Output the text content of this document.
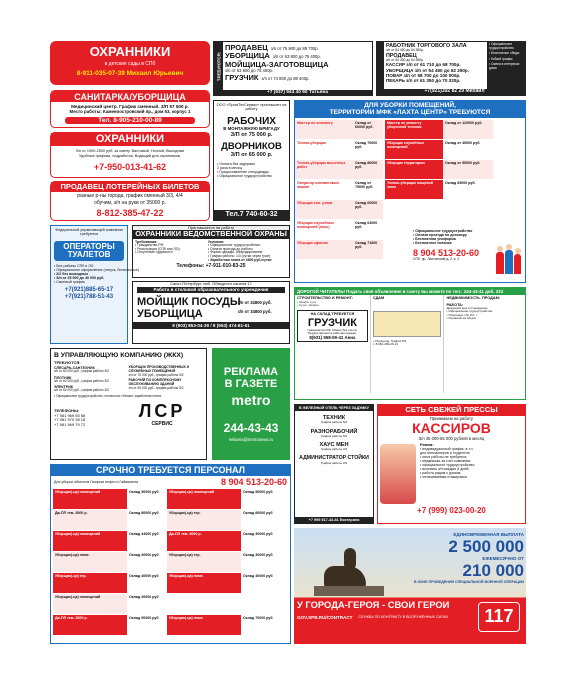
ОХРАННИКИ
в детские сады в СПб
8-911-035-07-39 Михаил Юрьевич
САНИТАРКА/УБОРЩИЦА
Медицинский центр. График сменный. З/П 57 500 р.
Место работы: Каменоостровский пр., дом 53, корпус 1
Тел. 8-905-210-00-89
ОХРАННИКИ
З/п от 1900-2500 руб. за смену. Вахтовый, Ночной, Выходные
Удобные графики, подработка. Водящий для охранников.
+7-950-013-41-62
ПРОДАВЕЦ ЛОТЕРЕЙНЫХ БИЛЕТОВ
разные р-ны города, график сменный 3/3, 4/4
обучим, з/п на руки от 35000 р.
8-812-385-47-22
Федеральной управляющей компании требуются
ОПЕРАТОРЫ ТУАЛЕТОВ
• Все районы СПб и ЛО
• Официальное оформление (отпуск, больничные)
• 2/2 без выходных
• З/п от 25 000 до 40 000 руб.
• Сменный график
+7(921)885-65-17
+7(921)788-51-43
Приглашается на работу
ОХРАННИКИ ВЕДОМСТВЕННОЙ ОХРАНЫ
Требования:
• Гражданство РФ;
• Регистрация (СПб или ЛО);
• Отсутствие судимости
Условия:
• Официальное трудоустройство;
• Оплата проезда до работы
• Форма одежды, обмундирование
• График работы: 1/3 (сутки через трое)
• Заработная плата от 4600 руб./сутки
Телефоны: +7-911-010-83-25
Санкт-Петербург, наб. Обводного канала 17
Работа в столовой образовательного учреждения
МОЙЩИК ПОСУДЫ
УБОРЩИЦА
з/п от 34800 руб.
з/п от 34800 руб.
8 (903) 853-04-29 / 8 (953) 474-61-61
В УПРАВЛЯЮЩУЮ КОМПАНИЮ (ЖКХ)
ТРЕБУЮТСЯ:
СЛЕСАРЬ-САНТЕХНИК
з/п от 60 000 руб., график работы 5/2
ПЛОТНИК
з/п от 60 000 руб., график работы 5/2
ЭЛЕКТРИК
з/п от 60 000 руб., график работы 5/2
УБОРЩИК ПРОИЗВОДСТВЕННЫХ И СЛУЖЕБНЫХ ПОМЕЩЕНИЙ
з/п от 75 000 руб., график работы 5/2
РАБОЧИЙ ПО КОМПЛЕКСНОМУ ОБСЛУЖИВАНИЮ ЗДАНИЙ
з/п от 65 000 руб., график работы 5/2
• Официальное трудоустройство, полностью «белая» заработная плата.
ТЕЛЕФОНЫ:
+7 981 969 55 58
+7 981 970 98 18
+7 981 969 79 72
ЛСР
СЕРВИС
РЕКЛАМА
В ГАЗЕТЕ
metro
244-43-43
reklama@metronews.ru
СРОЧНО ТРЕБУЕТСЯ ПЕРСОНАЛ
Для уборки объектов Газпром нефти и Гайвикинга	8 904 513-20-60
Уборщик(-ца) помещений	Оклад 30000 руб	Уборщик(-ца) помещений	Оклад 50000 руб
Дв-ПЛ тем. 3000 р.	Оклад 80000 руб	Уборщик(-ца) тер.	Оклад 80000 руб
Уборщик(-ца) помещений	Оклад 44000 руб	Дв-ПЛ тем. 3000 р.	Оклад 30000 руб
Уборщик(-ца) поме.	Оклад 40000 руб	Уборщик(-ца) тер.	Оклад 30000 руб
Уборщик(-ца) тер.	Оклад 40000 руб	Уборщик(-ца) поме.	Оклад 40000 руб
Уборщик(-ца) помещений	Оклад 40000 руб
Дв-ПЛ тем. 3000 р.	Оклад 90000 руб	Уборщик(-ца) поме.	Оклад 70000 руб
ТРЕБУЮТСЯ:
ПРОДАВЕЦ з/п от 75 900 до 89 700р.
УБОРЩИЦА з/п от 63 800 до 75 400р.
МОЙЩИЦА-ЗАГОТОВЩИЦА
з/п от 63 800 до 75 400р.
ГРУЗЧИК з/п от 74 800 до 88 400р.
+7 (937) 944 40 60 Татьяна
РАБОТНИК ТОРГОВОГО ЗАЛА
з/п от 54 450 до 64 350р.
ПРОДАВЕЦ
з/п от 54 450 до 64 350р.
КАССИР з/п от 61 710 до 68 700р.
УБОРЩИЦА з/п от 54 450 до 62 290р.
ПОВАР з/п от 58 700 до 100 000р.
ПЕКАРЬ з/п от 61 350 до 70 320р.
• Официальное трудоустройство
• Бесплатные обеды
• Гибкий график
• Смена в интересах дома
+7(921)392 82 29 Михаил
ООО «ПромТехСервис» приглашает на работу
РАБОЧИХ
В МОНТАЖНУЮ БРИГАДУ
З/П от 75 000 р.
ДВОРНИКОВ
З/П от 65 000 р.
• Оплата без задержек
2 раза в месяц
• Предоставление спецодежды
• Официальное трудоустройство
Тел.7 740-60-32
ДЛЯ УБОРКИ ПОМЕЩЕНИЙ,
ТЕРРИТОРИИ МФК «ЛАХТА ЦЕНТР» ТРЕБУЮТСЯ
Мастер по клинингу	Оклад от 60000 руб.
Мастер по ремонту уборочной техники
Оклад от 120000 руб.
Техник-уборщик	Оклад 70000 руб.
Уборщик служебных помещений
Оклад от 45000 руб.
Техник-уборщик высотных работ
Оклад 80000 руб.
Уборщик территории	Оклад от 55000 руб.
Оператор клининговых машин
Оклад от 75000 руб.
Техник-уборщик пищевой зоны
Оклад 65000 руб.
Уборщик сан. узлов	Оклад 60000 руб.
Уборщик служебных помещений (ночь)
Оклад 64000 руб.
Уборщик офисов	Оклад 71600 руб.
• Официальное трудоустройство
• Оплата проезда по договору
• Бесплатная униформа
• Бесплатное питание
8 904 513-20-60
СПб, пр. Лахтинский д. 2, к. 2
ДОРОГОЙ ЧИТАТЕЛЬ! Подать своё объявление в газету вы можете по тел.: 244-43-41 доб. 233
СТРОИТЕЛЬСТВО И РЕМОНТ:
• Шкафы купе
• Кухни, Шкафы
НА СКЛАД ТРЕБУЕТСЯ
ГРУЗЧИК
Гражданство РФ. Можно без опыта.
Предоставляется рабочая одежда.
8(931) 958-09-41 Анна
СДАМ
• Уборщица, График 5/2,
т. 8-981-280-26-14
НЕДВИЖИМОСТЬ. ПРОДАМ:
РАБОТА:
Дежурный дом в Учреждение
• Официальное трудоустройство
• Уборщица, г/ф 2/2, т.
• Охранник на объект
В ЖЕЛЕЗНЫЙ ОТЕЛЬ ЧЕРЕЗ ЗАДУМКУ
ТЕХНИК
График работы 5/2
РАЗНОРАБОЧИЙ
График работы 5/2
ХАУС МЕН
График работы 2/2
АДМИНИСТРАТОР СТОЙКИ
График работы 2/2
+7 999 517-43-81 Екатерина
СЕТЬ СВЕЖЕЙ ПРЕССЫ
Принимаем на работу
КАССИРОВ
З/п 45 000-55 000 рублей в месяц
Режим:
• индивидуальный график, в т.ч.
для пенсионеров и студентов
• опыт работы не требуется;
• медкнижка за счет компании;
• официальное трудоустройство;
• выплаты з/п каждые 8 дней;
• работа рядом с домом;
• оплачиваемая стажировка
+7 (999) 023-00-20
ЕДИНОВРЕМЕННАЯ ВЫПЛАТА
2 500 000
ЕЖЕМЕСЯЧНО ОТ
210 000
В ЗОНЕ ПРОВЕДЕНИЯ СПЕЦИАЛЬНОЙ ВОЕННОЙ ОПЕРАЦИИ
У ГОРОДА-ГЕРОЯ - СВОИ ГЕРОИ
GOV.SPB.RU/CONTRACT СЛУЖБА ПО КОНТРАКТУ В ВООРУЖЁННЫХ СИЛАХ	117
